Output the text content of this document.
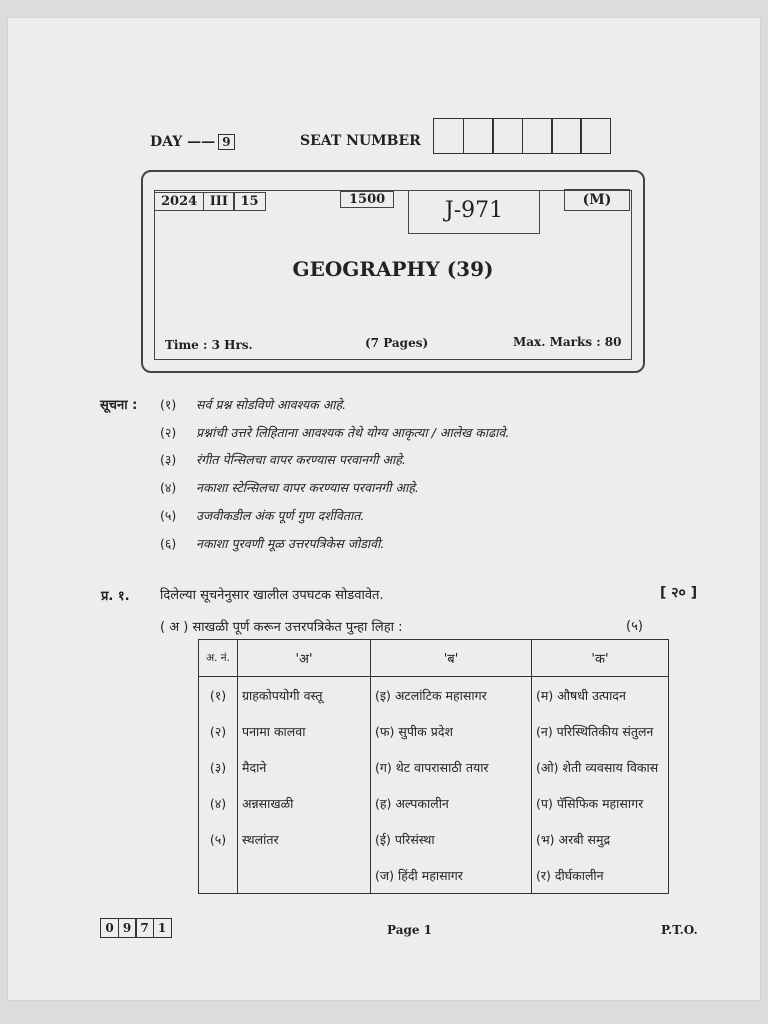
DAY —— 9	SEAT NUMBER
2024 III 15	1500	J-971	(M)
GEOGRAPHY (39)
Time : 3 Hrs.	(7 Pages)	Max. Marks : 80
सूचना : (१) सर्व प्रश्न सोडविणे आवश्यक आहे.
(२) प्रश्नांची उत्तरे लिहिताना आवश्यक तेथे योग्य आकृत्या / आलेख काढावे.
(३) रंगीत पेन्सिलचा वापर करण्यास परवानगी आहे.
(४) नकाशा स्टेन्सिलचा वापर करण्यास परवानगी आहे.
(५) उजवीकडील अंक पूर्ण गुण दर्शवितात.
(६) नकाशा पुरवणी मूळ उत्तरपत्रिकेस जोडावी.
प्र. १. दिलेल्या सूचनेनुसार खालील उपघटक सोडवावेत.	[ २० ]
( अ ) साखळी पूर्ण करून उत्तरपत्रिकेत पुन्हा लिहा :	(५)
अ. नं.	'अ'	'ब'	'क'
(१)	ग्राहकोपयोगी वस्तू	(इ) अटलांटिक महासागर	(म) औषधी उत्पादन
(२)	पनामा कालवा	(फ) सुपीक प्रदेश	(न) परिस्थितिकीय संतुलन
(३)	मैदाने	(ग) थेट वापरासाठी तयार	(ओ) शेती व्यवसाय विकास
(४)	अन्नसाखळी	(ह) अल्पकालीन	(प) पॅसिफिक महासागर
(५)	स्थलांतर	(ई) परिसंस्था	(भ) अरबी समुद्र
		(ज) हिंदी महासागर	(र) दीर्घकालीन
0 9 7 1	Page 1	P.T.O.
